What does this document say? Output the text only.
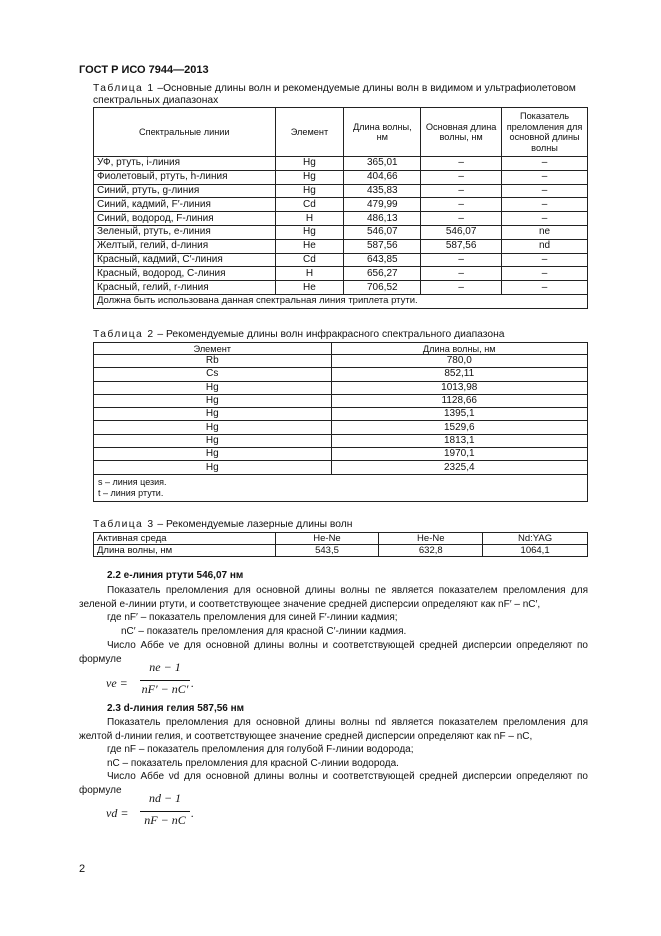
ГОСТ Р ИСО 7944—2013
Таблица 1 –Основные длины волн и рекомендуемые длины волн в видимом и ультрафиолетовом
спектральных диапазонах
Спектральные линии	Элемент	Длина волны, нм	Основная длина волны, нм	Показатель преломления для основной длины волны
УФ, ртуть, i-линия	Hg	365,01	–	–
Фиолетовый, ртуть, h-линия	Hg	404,66	–	–
Синий, ртуть, g-линия	Hg	435,83	–	–
Синий, кадмий, F′-линия	Cd	479,99	–	–
Синий, водород, F-линия	H	486,13	–	–
Зеленый, ртуть, e-линия	Hg	546,07	546,07	ne
Желтый, гелий, d-линия	He	587,56	587,56	nd
Красный, кадмий, C′-линия	Cd	643,85	–	–
Красный, водород, C-линия	H	656,27	–	–
Красный, гелий, r-линия	He	706,52	–	–
Должна быть использована данная спектральная линия триплета ртути.				
Таблица 2 – Рекомендуемые длины волн инфракрасного спектрального диапазона
Элемент	Длина волны, нм
Rb	780,0
Cs	852,11
Hg	1013,98
Hg	1128,66
Hg	1395,1
Hg	1529,6
Hg	1813,1
Hg	1970,1
Hg	2325,4

s – линия цезия.
t – линия ртути.	
Таблица 3 – Рекомендуемые лазерные длины волн
Активная среда	He-Ne	He-Ne	Nd:YAG
Длина волны, нм	543,5	632,8	1064,1
2.2 e-линия ртути 546,07 нм
Показатель преломления для основной длины волны ne является показателем преломления для зеленой e-линии ртути, и соответствующее значение средней дисперсии определяют как nF′ – nC′,
где nF′ – показатель преломления для синей F′-линии кадмия;
nC′ – показатель преломления для красной C′-линии кадмия.
Число Аббе νe для основной длины волны и соответствующей средней дисперсии определяют по формуле
νe =
ne − 1
nF′ − nC′ .
2.3 d-линия гелия 587,56 нм
Показатель преломления для основной длины волны nd является показателем преломления для желтой d-линии гелия, и соответствующее значение средней дисперсии определяют как nF – nC,
где nF – показатель преломления для голубой F-линии водорода;
nC – показатель преломления для красной C-линии водорода.
Число Аббе νd для основной длины волны и соответствующей средней дисперсии определяют по формуле
νd =
nd − 1
nF − nC .
2
